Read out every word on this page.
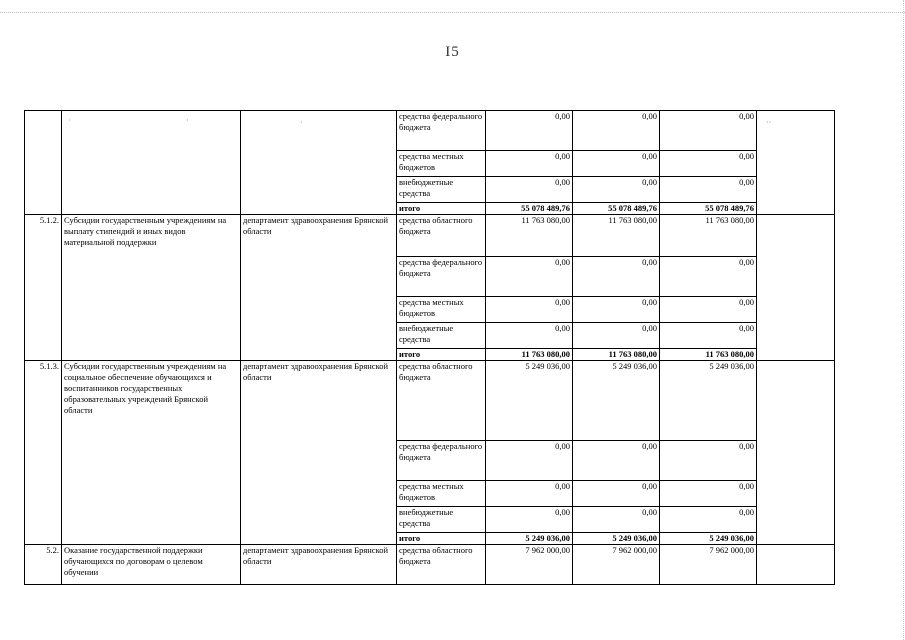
I5
·	·	·	··
			средства федерального бюджета	0,00	0,00	0,00	
			средства местных бюджетов	0,00	0,00	0,00	
			внебюджетные средства	0,00	0,00	0,00	
			итого	55 078 489,76	55 078 489,76	55 078 489,76	
5.1.2.	Субсидии государственным учреждениям на выплату стипендий и иных видов материальной поддержки	департамент здравоохранения Брянской области	средства областного бюджета	11 763 080,00	11 763 080,00	11 763 080,00	
			средства федерального бюджета	0,00	0,00	0,00	
			средства местных бюджетов	0,00	0,00	0,00	
			внебюджетные средства	0,00	0,00	0,00	
			итого	11 763 080,00	11 763 080,00	11 763 080,00	
5.1.3.	Субсидии государственным учреждениям на социальное обеспечение обучающихся и воспитанников государственных образовательных учреждений Брянской области	департамент здравоохранения Брянской области	средства областного бюджета	5 249 036,00	5 249 036,00	5 249 036,00	
			средства федерального бюджета	0,00	0,00	0,00	
			средства местных бюджетов	0,00	0,00	0,00	
			внебюджетные средства	0,00	0,00	0,00	
			итого	5 249 036,00	5 249 036,00	5 249 036,00	
5.2.	Оказание государственной поддержки обучающихся по договорам о целевом обучении	департамент здравоохранения Брянской области	средства областного бюджета	7 962 000,00	7 962 000,00	7 962 000,00	
